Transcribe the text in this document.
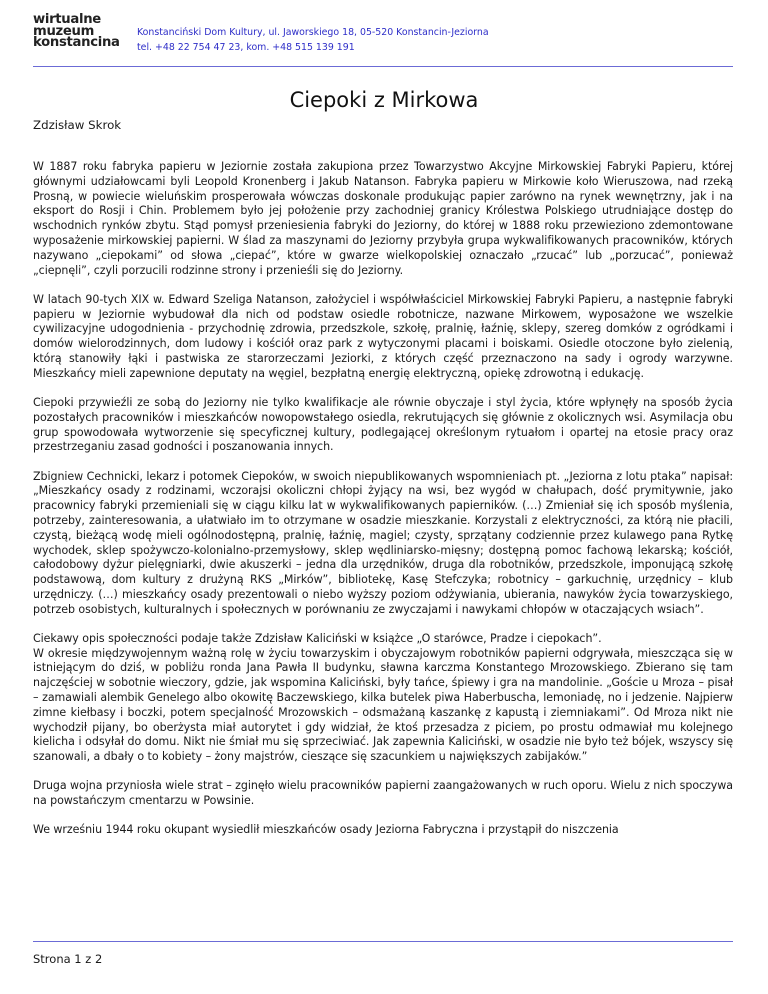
wirtualne
muzeum
konstancina
Konstanciński Dom Kultury, ul. Jaworskiego 18, 05-520 Konstancin-Jeziorna
tel. +48 22 754 47 23, kom. +48 515 139 191
Ciepoki z Mirkowa
Zdzisław Skrok

W 1887 roku fabryka papieru w Jeziornie została zakupiona przez Towarzystwo Akcyjne Mirkowskiej Fabryki Papieru, której głównymi udziałowcami byli Leopold Kronenberg i Jakub Natanson. Fabryka papieru w Mirkowie koło Wieruszowa, nad rzeką Prosną, w powiecie wieluńskim prosperowała wówczas doskonale produkując papier zarówno na rynek wewnętrzny, jak i na eksport do Rosji i Chin. Problemem było jej położenie przy zachodniej granicy Królestwa Polskiego utrudniające dostęp do wschodnich rynków zbytu. Stąd pomysł przeniesienia fabryki do Jeziorny, do której w 1888 roku przewieziono zdemontowane wyposażenie mirkowskiej papierni. W ślad za maszynami do Jeziorny przybyła grupa wykwalifikowanych pracowników, których nazywano „ciepokami” od słowa „ciepać”, które w gwarze wielkopolskiej oznaczało „rzucać” lub „porzucać”, ponieważ „ciepnęli”, czyli porzucili rodzinne strony i przenieśli się do Jeziorny.

W latach 90-tych XIX w. Edward Szeliga Natanson, założyciel i współwłaściciel Mirkowskiej Fabryki Papieru, a następnie fabryki papieru w Jeziornie wybudował dla nich od podstaw osiedle robotnicze, nazwane Mirkowem, wyposażone we wszelkie cywilizacyjne udogodnienia - przychodnię zdrowia, przedszkole, szkołę, pralnię, łaźnię, sklepy, szereg domków z ogródkami i domów wielorodzinnych, dom ludowy i kościół oraz park z wytyczonymi placami i boiskami. Osiedle otoczone było zielenią, którą stanowiły łąki i pastwiska ze starorzeczami Jeziorki, z których część przeznaczono na sady i ogrody warzywne. Mieszkańcy mieli zapewnione deputaty na węgiel, bezpłatną energię elektryczną, opiekę zdrowotną i edukację.

Ciepoki przywieźli ze sobą do Jeziorny nie tylko kwalifikacje ale równie obyczaje i styl życia, które wpłynęły na sposób życia pozostałych pracowników i mieszkańców nowopowstałego osiedla, rekrutujących się głównie z okolicznych wsi. Asymilacja obu grup spowodowała wytworzenie się specyficznej kultury, podlegającej określonym rytuałom i opartej na etosie pracy oraz przestrzeganiu zasad godności i poszanowania innych.

Zbigniew Cechnicki, lekarz i potomek Ciepoków, w swoich niepublikowanych wspomnieniach pt. „Jeziorna z lotu ptaka” napisał: „Mieszkańcy osady z rodzinami, wczorajsi okoliczni chłopi żyjący na wsi, bez wygód w chałupach, dość prymitywnie, jako pracownicy fabryki przemieniali się w ciągu kilku lat w wykwalifikowanych papierników. (…) Zmieniał się ich sposób myślenia, potrzeby, zainteresowania, a ułatwiało im to otrzymane w osadzie mieszkanie. Korzystali z elektryczności, za którą nie płacili, czystą, bieżącą wodę mieli ogólnodostępną, pralnię, łaźnię, magiel; czysty, sprzątany codziennie przez kulawego pana Rytkę wychodek, sklep spożywczo-kolonialno-przemysłowy, sklep wędliniarsko-mięsny; dostępną pomoc fachową lekarską; kościół, całodobowy dyżur pielęgniarki, dwie akuszerki – jedna dla urzędników, druga dla robotników, przedszkole, imponującą szkołę podstawową, dom kultury z drużyną RKS „Mirków”, bibliotekę, Kasę Stefczyka; robotnicy – garkuchnię, urzędnicy – klub urzędniczy. (…) mieszkańcy osady prezentowali o niebo wyższy poziom odżywiania, ubierania, nawyków życia towarzyskiego, potrzeb osobistych, kulturalnych i społecznych w porównaniu ze zwyczajami i nawykami chłopów w otaczających wsiach”.

Ciekawy opis społeczności podaje także Zdzisław Kaliciński w książce „O starówce, Pradze i ciepokach”.

W okresie międzywojennym ważną rolę w życiu towarzyskim i obyczajowym robotników papierni odgrywała, mieszcząca się w istniejącym do dziś, w pobliżu ronda Jana Pawła II budynku, sławna karczma Konstantego Mrozowskiego. Zbierano się tam najczęściej w sobotnie wieczory, gdzie, jak wspomina Kaliciński, były tańce, śpiewy i gra na mandolinie. „Goście u Mroza – pisał – zamawiali alembik Genelego albo okowitę Baczewskiego, kilka butelek piwa Haberbuscha, lemoniadę, no i jedzenie. Najpierw zimne kiełbasy i boczki, potem specjalność Mrozowskich – odsmażaną kaszankę z kapustą i ziemniakami”. Od Mroza nikt nie wychodził pijany, bo oberżysta miał autorytet i gdy widział, że ktoś przesadza z piciem, po prostu odmawiał mu kolejnego kielicha i odsyłał do domu. Nikt nie śmiał mu się sprzeciwiać. Jak zapewnia Kaliciński, w osadzie nie było też bójek, wszyscy się szanowali, a dbały o to kobiety – żony majstrów, cieszące się szacunkiem u największych zabijaków.”

Druga wojna przyniosła wiele strat – zginęło wielu pracowników papierni zaangażowanych w ruch oporu. Wielu z nich spoczywa na powstańczym cmentarzu w Powsinie.

We wrześniu 1944 roku okupant wysiedlił mieszkańców osady Jeziorna Fabryczna i przystąpił do niszczenia

Strona 1 z 2
